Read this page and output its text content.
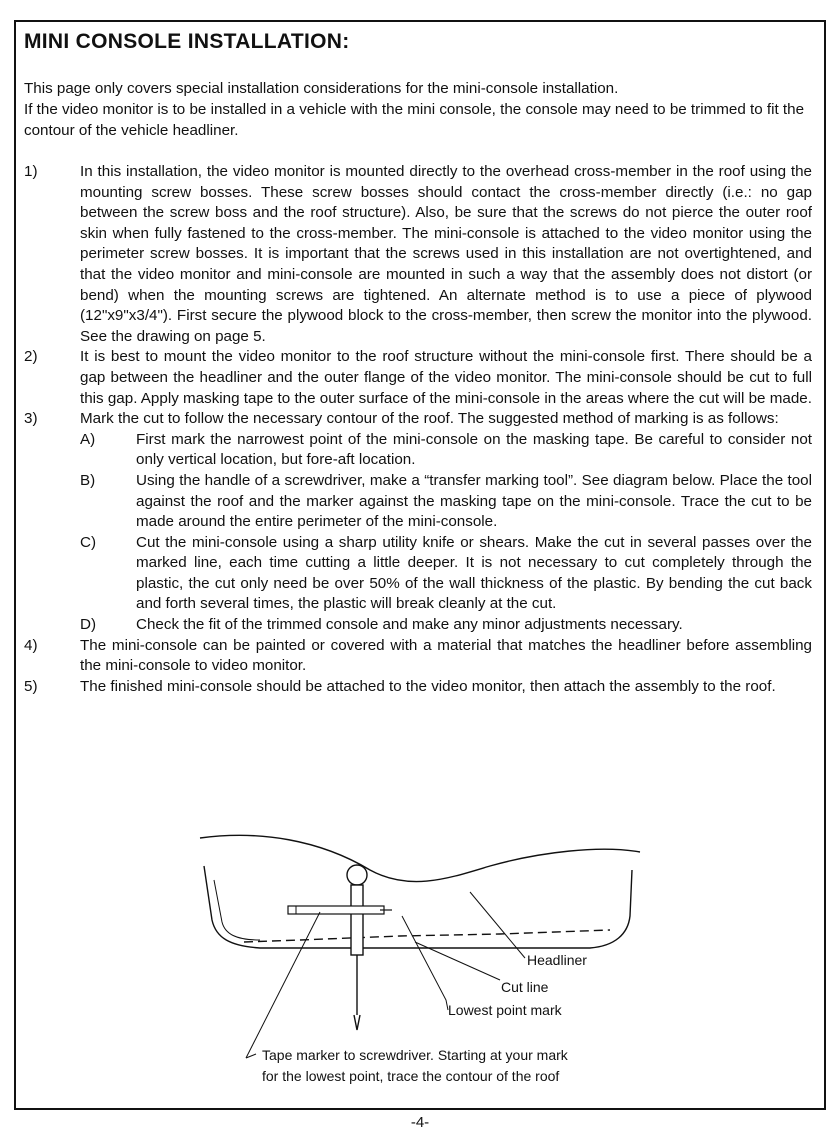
MINI CONSOLE INSTALLATION:

This page only covers special installation considerations for the mini-console installation.

If the video monitor is to be installed in a vehicle with the mini console, the console may need to be trimmed to fit the contour of the vehicle headliner.

1)	In this installation, the video monitor is mounted directly to the overhead cross-member in the roof using the mounting screw bosses. These screw bosses should contact the cross-member directly (i.e.: no gap between the screw boss and the roof structure). Also, be sure that the screws do not pierce the outer roof skin when fully fastened to the cross-member. The mini-console is attached to the video monitor using the perimeter screw bosses. It is important that the screws used in this installation are not overtightened, and that the video monitor and mini-console are mounted in such a way that the assembly does not distort (or bend) when the mounting screws are tightened. An alternate method is to use a piece of plywood (12"x9"x3/4"). First secure the plywood block to the cross-member, then screw the monitor into the plywood. See the drawing on page 5.
2)	It is best to mount the video monitor to the roof structure without the mini-console first. There should be a gap between the headliner and the outer flange of the video monitor. The mini-console should be cut to full this gap. Apply masking tape to the outer surface of the mini-console in the areas where the cut will be made.
3)	Mark the cut to follow the necessary contour of the roof. The suggested method of marking is as follows:
A)	First mark the narrowest point of the mini-console on the masking tape. Be careful to consider not only vertical location, but fore-aft location.
B)	Using the handle of a screwdriver, make a “transfer marking tool”. See diagram below. Place the tool against the roof and the marker against the masking tape on the mini-console. Trace the cut to be made around the entire perimeter of the mini-console.
C)	Cut the mini-console using a sharp utility knife or shears. Make the cut in several passes over the marked line, each time cutting a little deeper. It is not necessary to cut completely through the plastic, the cut only need be over 50% of the wall thickness of the plastic. By bending the cut back and forth several times, the plastic will break cleanly at the cut.
D)	Check the fit of the trimmed console and make any minor adjustments necessary.
4)	The mini-console can be painted or covered with a material that matches the headliner before assembling the mini-console to video monitor.
5)	The finished mini-console should be attached to the video monitor, then attach the assembly to the roof.
Headliner
Cut line
Lowest point mark
Tape marker to screwdriver. Starting at your mark
for the lowest point, trace the contour of the roof
-4-
